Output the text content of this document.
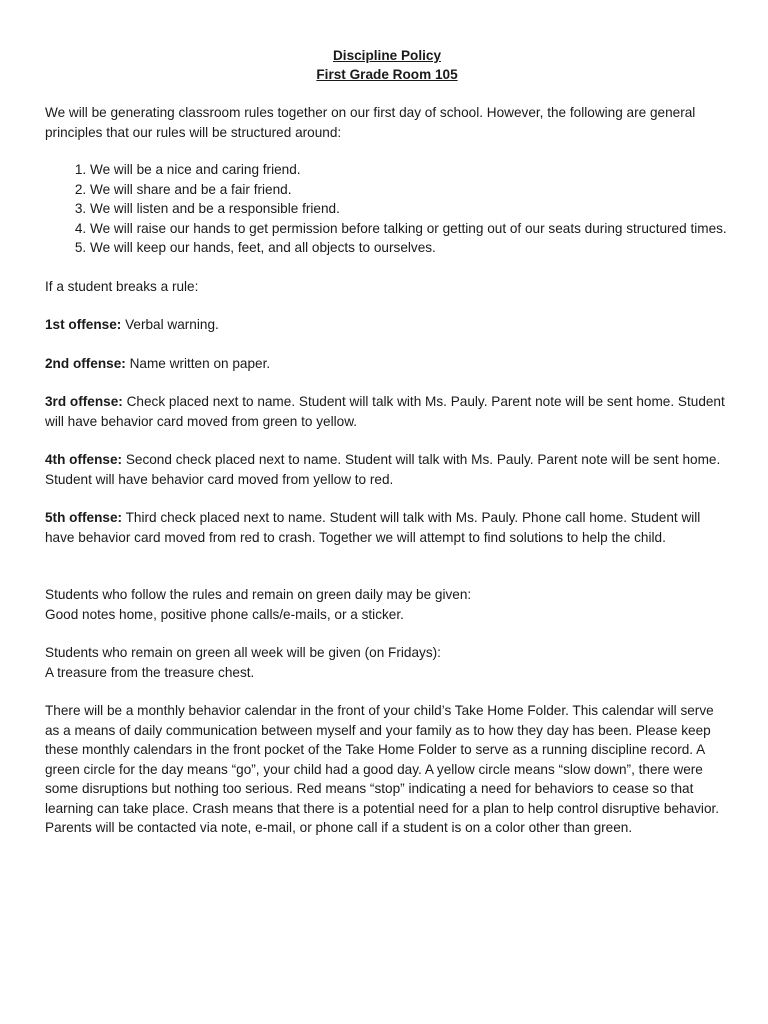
Discipline Policy
First Grade Room 105

We will be generating classroom rules together on our first day of school. However, the following are general principles that our rules will be structured around:

1. We will be a nice and caring friend.
2. We will share and be a fair friend.
3. We will listen and be a responsible friend.
4. We will raise our hands to get permission before talking or getting out of our seats during structured times.
5. We will keep our hands, feet, and all objects to ourselves.

If a student breaks a rule:

1st offense: Verbal warning.

2nd offense: Name written on paper.

3rd offense: Check placed next to name. Student will talk with Ms. Pauly. Parent note will be sent home. Student will have behavior card moved from green to yellow.

4th offense: Second check placed next to name. Student will talk with Ms. Pauly. Parent note will be sent home. Student will have behavior card moved from yellow to red.

5th offense: Third check placed next to name. Student will talk with Ms. Pauly. Phone call home. Student will have behavior card moved from red to crash. Together we will attempt to find solutions to help the child.

Students who follow the rules and remain on green daily may be given:

Good notes home, positive phone calls/e-mails, or a sticker.

Students who remain on green all week will be given (on Fridays):

A treasure from the treasure chest.

There will be a monthly behavior calendar in the front of your child’s Take Home Folder. This calendar will serve as a means of daily communication between myself and your family as to how they day has been. Please keep these monthly calendars in the front pocket of the Take Home Folder to serve as a running discipline record. A green circle for the day means “go”, your child had a good day. A yellow circle means “slow down”, there were some disruptions but nothing too serious. Red means “stop” indicating a need for behaviors to cease so that learning can take place. Crash means that there is a potential need for a plan to help control disruptive behavior. Parents will be contacted via note, e-mail, or phone call if a student is on a color other than green.
